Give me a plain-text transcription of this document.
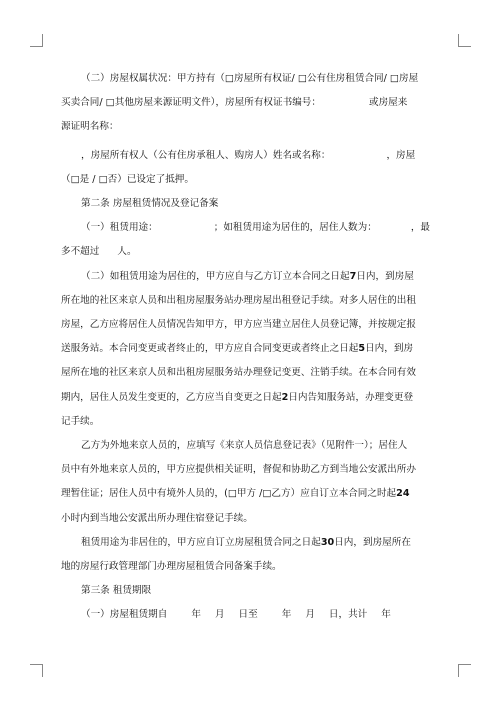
（二）房屋权属状况：甲方持有（□房屋所有权证/ □公有住房租赁合同/ □房屋
买卖合同/ □其他房屋来源证明文件），房屋所有权证书编号：	或房屋来
源证明名称：
，房屋所有权人（公有住房承租人、购房人）姓名或名称：	，房屋
（□是 / □否）已设定了抵押。
第二条 房屋租赁情况及登记备案
（一）租赁用途：	；如租赁用途为居住的，居住人数为：	，最
多不超过 人。
（二）如租赁用途为居住的，甲方应自与乙方订立本合同之日起7日内，到房屋
所在地的社区来京人员和出租房屋服务站办理房屋出租登记手续。对多人居住的出租
房屋，乙方应将居住人员情况告知甲方，甲方应当建立居住人员登记簿，并按规定报
送服务站。本合同变更或者终止的，甲方应自合同变更或者终止之日起5日内，到房
屋所在地的社区来京人员和出租房屋服务站办理登记变更、注销手续。在本合同有效
期内，居住人员发生变更的，乙方应当自变更之日起2日内告知服务站，办理变更登
记手续。
乙方为外地来京人员的，应填写《来京人员信息登记表》（见附件一）；居住人
员中有外地来京人员的，甲方应提供相关证明，督促和协助乙方到当地公安派出所办
理暂住证；居住人员中有境外人员的，(□甲方 /□乙方）应自订立本合同之时起24
小时内到当地公安派出所办理住宿登记手续。
租赁用途为非居住的，甲方应自订立房屋租赁合同之日起30日内，到房屋所在
地的房屋行政管理部门办理房屋租赁合同备案手续。
第三条 租赁期限
（一）房屋租赁期自	年 月 日至	年 月 日，共计 年
